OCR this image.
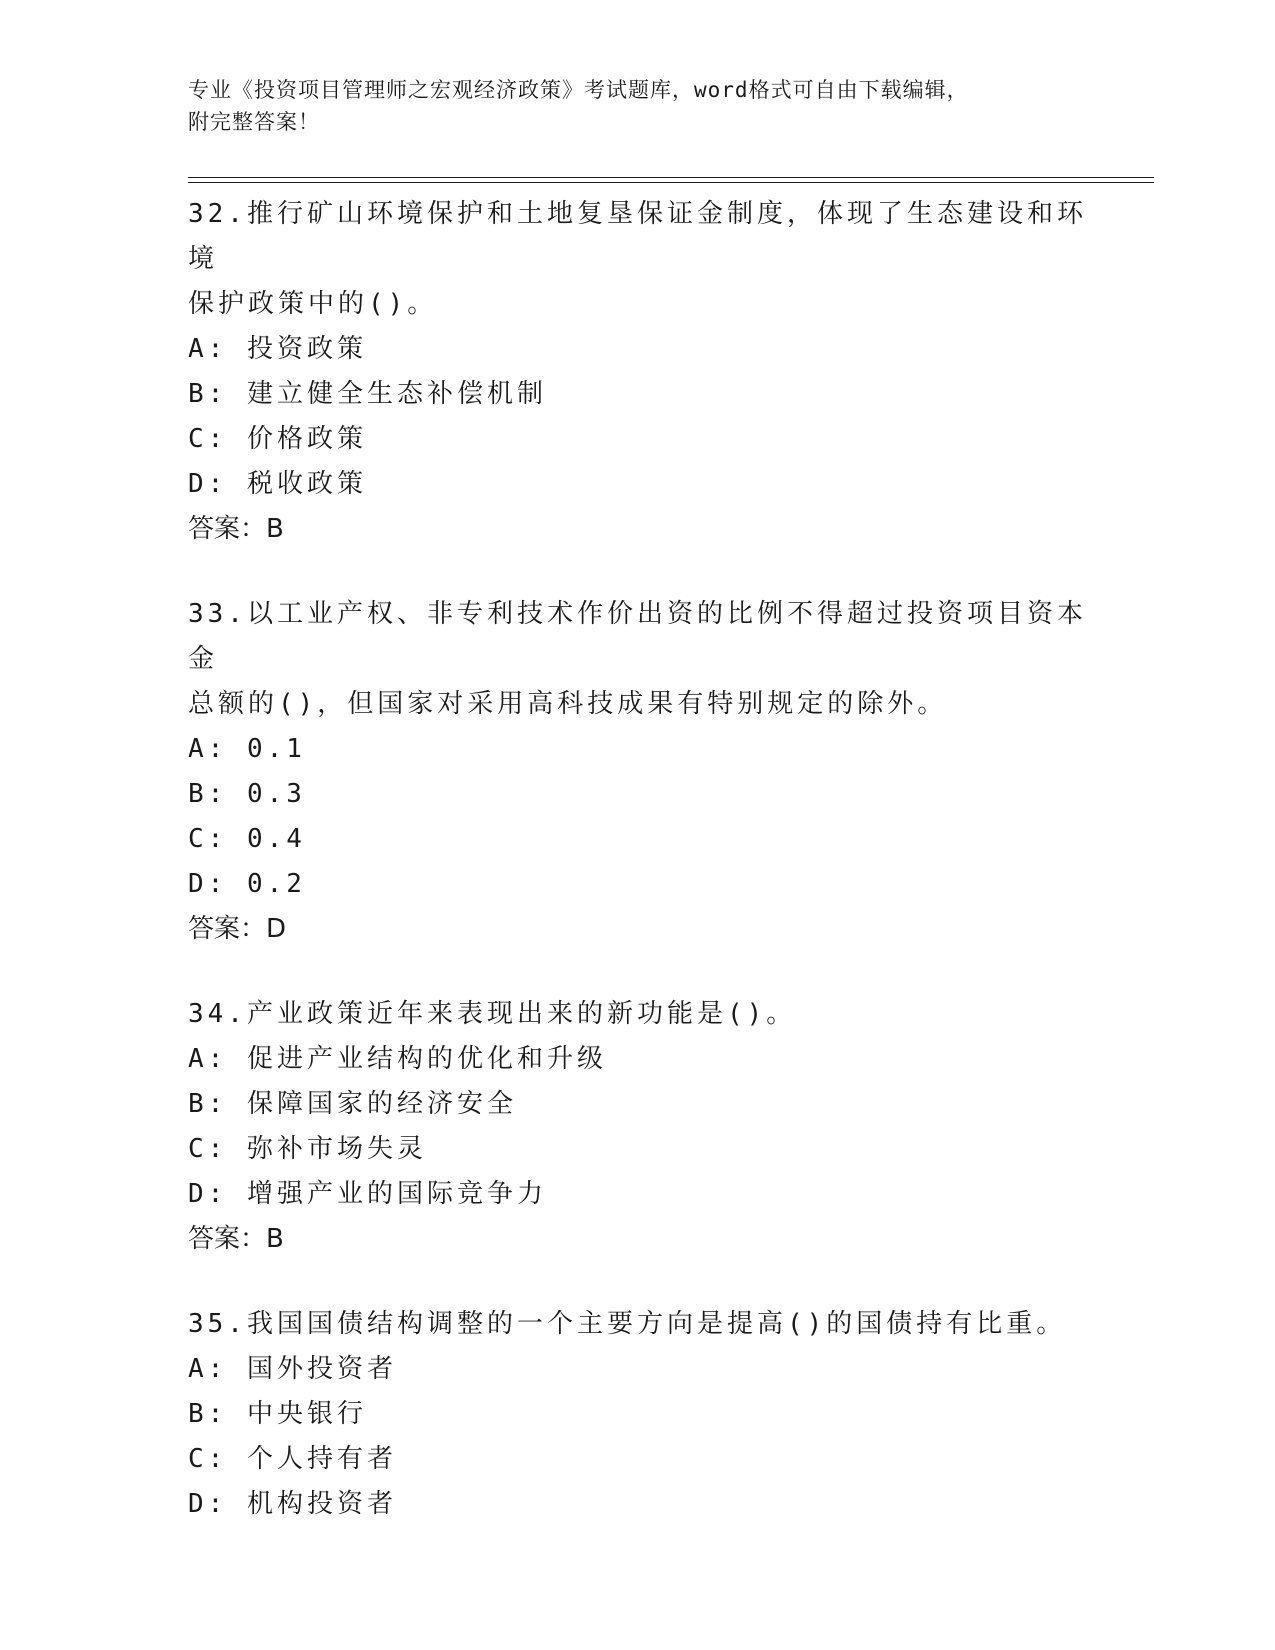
专业《投资项目管理师之宏观经济政策》考试题库，word格式可自由下载编辑，
附完整答案！

32.推行矿山环境保护和土地复垦保证金制度，体现了生态建设和环境

保护政策中的()。

A: 投资政策

B: 建立健全生态补偿机制

C: 价格政策

D: 税收政策

答案：B

33.以工业产权、非专利技术作价出资的比例不得超过投资项目资本金

总额的()，但国家对采用高科技成果有特别规定的除外。

A: 0.1

B: 0.3

C: 0.4

D: 0.2

答案：D

34.产业政策近年来表现出来的新功能是()。

A: 促进产业结构的优化和升级

B: 保障国家的经济安全

C: 弥补市场失灵

D: 增强产业的国际竞争力

答案：B

35.我国国债结构调整的一个主要方向是提高()的国债持有比重。

A: 国外投资者

B: 中央银行

C: 个人持有者

D: 机构投资者
